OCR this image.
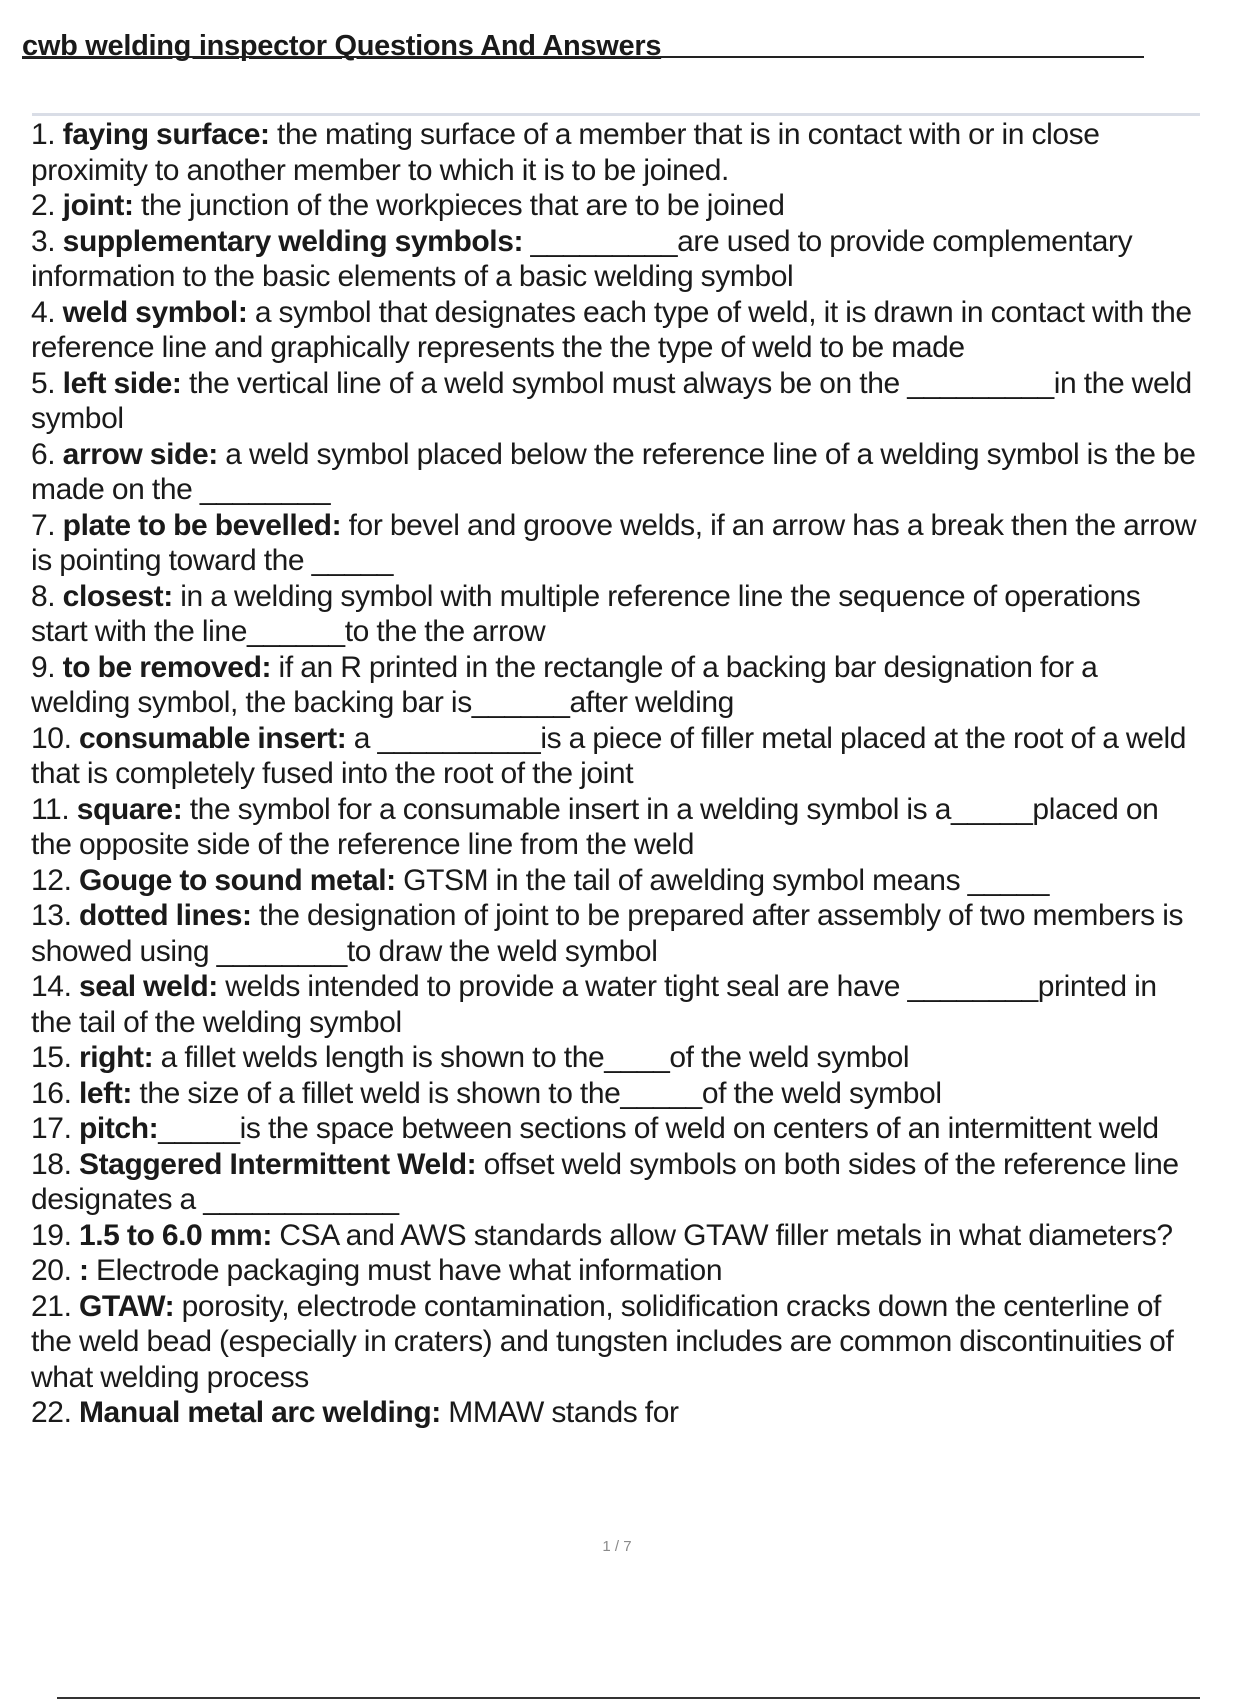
cwb welding inspector Questions And Answers

1. faying surface: the mating surface of a member that is in contact with or in close proximity to another member to which it is to be joined.

2. joint: the junction of the workpieces that are to be joined

3. supplementary welding symbols: _________are used to provide complementary information to the basic elements of a basic welding symbol

4. weld symbol: a symbol that designates each type of weld, it is drawn in contact with the reference line and graphically represents the the type of weld to be made

5. left side: the vertical line of a weld symbol must always be on the _________in the weld symbol

6. arrow side: a weld symbol placed below the reference line of a welding symbol is the be made on the ________

7. plate to be bevelled: for bevel and groove welds, if an arrow has a break then the arrow is pointing toward the _____

8. closest: in a welding symbol with multiple reference line the sequence of operations start with the line______to the the arrow

9. to be removed: if an R printed in the rectangle of a backing bar designation for a welding symbol, the backing bar is______after welding

10. consumable insert: a __________is a piece of filler metal placed at the root of a weld that is completely fused into the root of the joint

11. square: the symbol for a consumable insert in a welding symbol is a_____placed on the opposite side of the reference line from the weld

12. Gouge to sound metal: GTSM in the tail of awelding symbol means _____

13. dotted lines: the designation of joint to be prepared after assembly of two members is showed using ________to draw the weld symbol

14. seal weld: welds intended to provide a water tight seal are have ________printed in the tail of the welding symbol

15. right: a fillet welds length is shown to the____of the weld symbol

16. left: the size of a fillet weld is shown to the_____of the weld symbol

17. pitch:_____is the space between sections of weld on centers of an intermittent weld

18. Staggered Intermittent Weld: offset weld symbols on both sides of the reference line designates a ____________

19. 1.5 to 6.0 mm: CSA and AWS standards allow GTAW filler metals in what diameters?

20. : Electrode packaging must have what information

21. GTAW: porosity, electrode contamination, solidification cracks down the centerline of the weld bead (especially in craters) and tungsten includes are common discontinuities of what welding process

22. Manual metal arc welding: MMAW stands for

1 / 7
